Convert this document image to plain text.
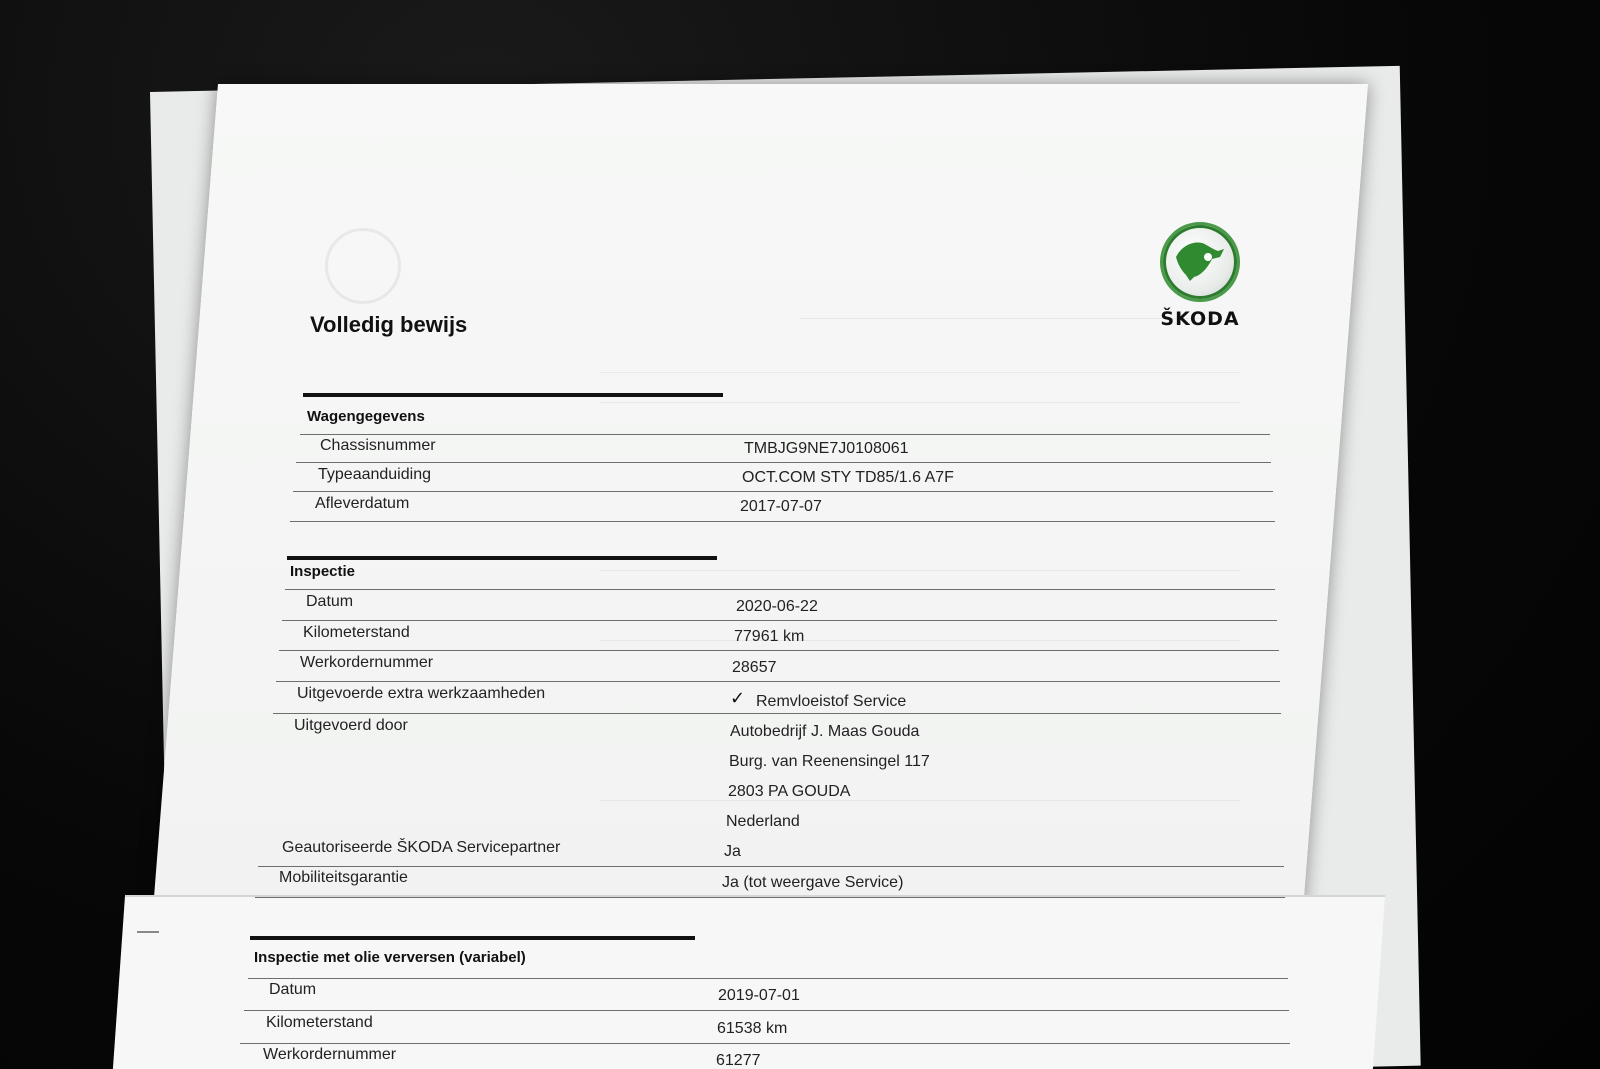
ŠKODA
Volledig bewijs
Wagengegevens
Chassisnummer	TMBJG9NE7J0108061
Typeaanduiding	OCT.COM STY TD85/1.6 A7F
Afleverdatum	2017-07-07
Inspectie
Datum	2020-06-22
Kilometerstand	77961 km
Werkordernummer	28657
Uitgevoerde extra werkzaamheden	✓ Remvloeistof Service
Uitgevoerd door	Autobedrijf J. Maas Gouda
Burg. van Reenensingel 117
2803 PA GOUDA
Nederland
Geautoriseerde ŠKODA Servicepartner	Ja
Mobiliteitsgarantie	Ja (tot weergave Service)
Inspectie met olie verversen (variabel)
Datum	2019-07-01
Kilometerstand	61538 km
Werkordernummer	61277
